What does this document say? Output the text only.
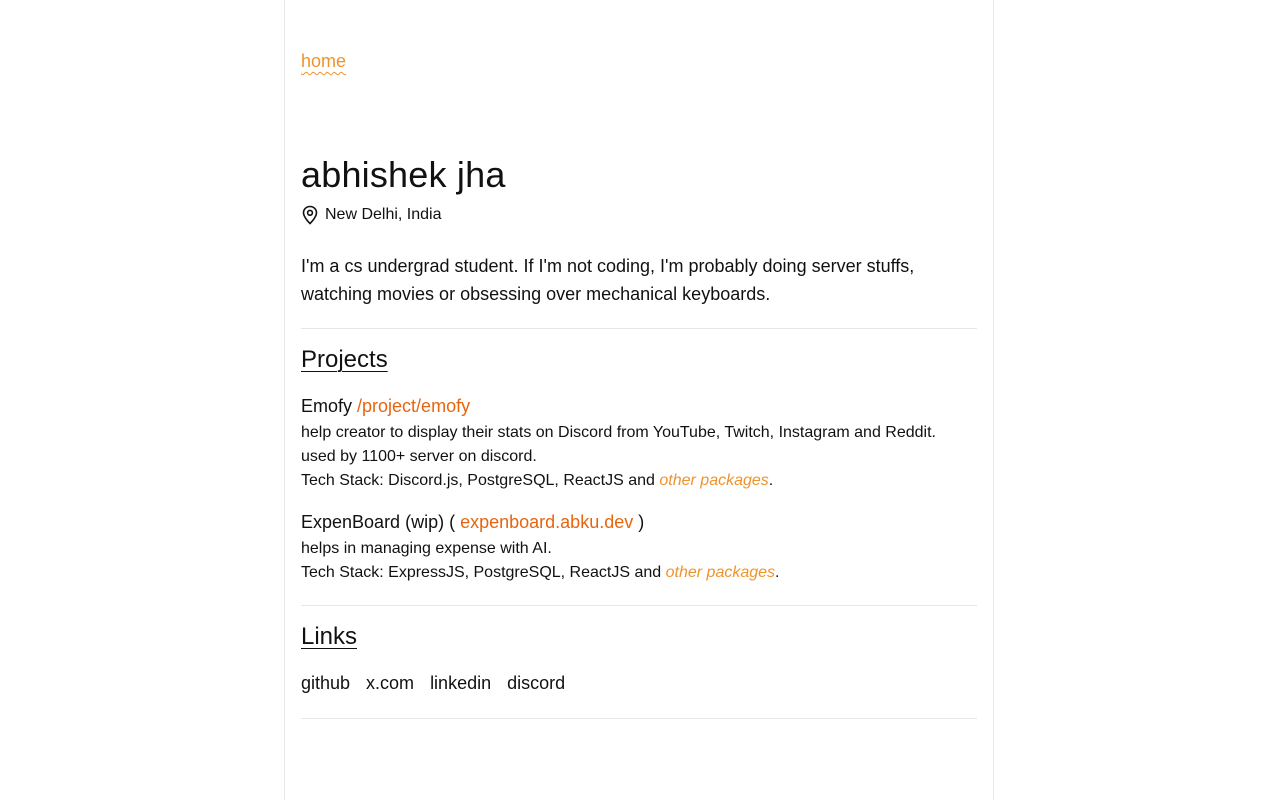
home
abhishek jha
New Delhi, India

I'm a cs undergrad student. If I'm not coding, I'm probably doing server stuffs, watching movies or obsessing over mechanical keyboards.

Projects
Emofy /project/emofy
help creator to display their stats on Discord from YouTube, Twitch, Instagram and Reddit.
used by 1100+ server on discord.
Tech Stack: Discord.js, PostgreSQL, ReactJS and other packages.
ExpenBoard (wip) ( expenboard.abku.dev )
helps in managing expense with AI.
Tech Stack: ExpressJS, PostgreSQL, ReactJS and other packages.
Links
github x.com linkedin discord
